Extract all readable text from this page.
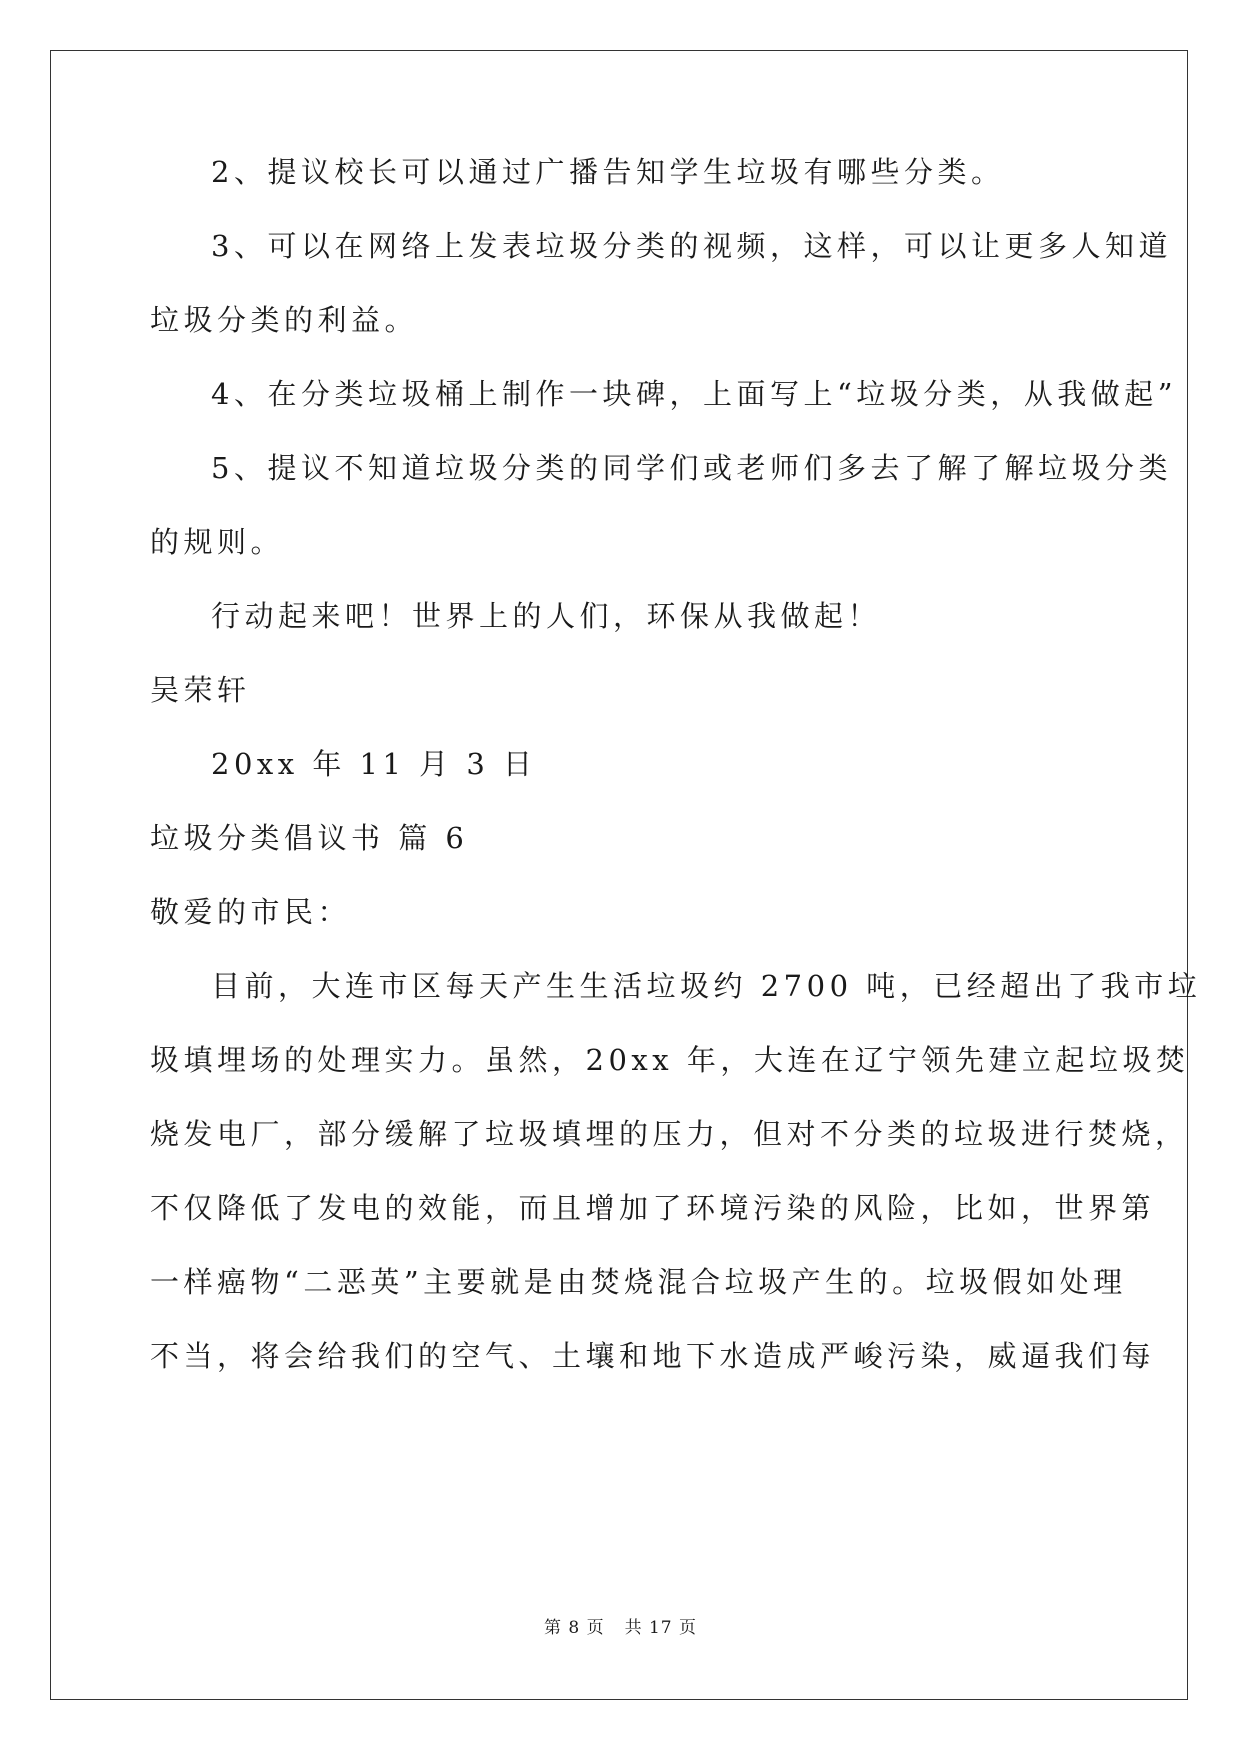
2、提议校长可以通过广播告知学生垃圾有哪些分类。
3、可以在网络上发表垃圾分类的视频，这样，可以让更多人知道
垃圾分类的利益。
4、在分类垃圾桶上制作一块碑，上面写上“垃圾分类，从我做起”
5、提议不知道垃圾分类的同学们或老师们多去了解了解垃圾分类
的规则。
行动起来吧！世界上的人们，环保从我做起！
吴荣轩
20xx 年 11 月 3 日
垃圾分类倡议书 篇 6
敬爱的市民：
目前，大连市区每天产生生活垃圾约 2700 吨，已经超出了我市垃
圾填埋场的处理实力。虽然，20xx 年，大连在辽宁领先建立起垃圾焚
烧发电厂，部分缓解了垃圾填埋的压力，但对不分类的垃圾进行焚烧，
不仅降低了发电的效能，而且增加了环境污染的风险，比如，世界第
一样癌物“二恶英”主要就是由焚烧混合垃圾产生的。垃圾假如处理
不当，将会给我们的空气、土壤和地下水造成严峻污染，威逼我们每
第 8 页 共 17 页
